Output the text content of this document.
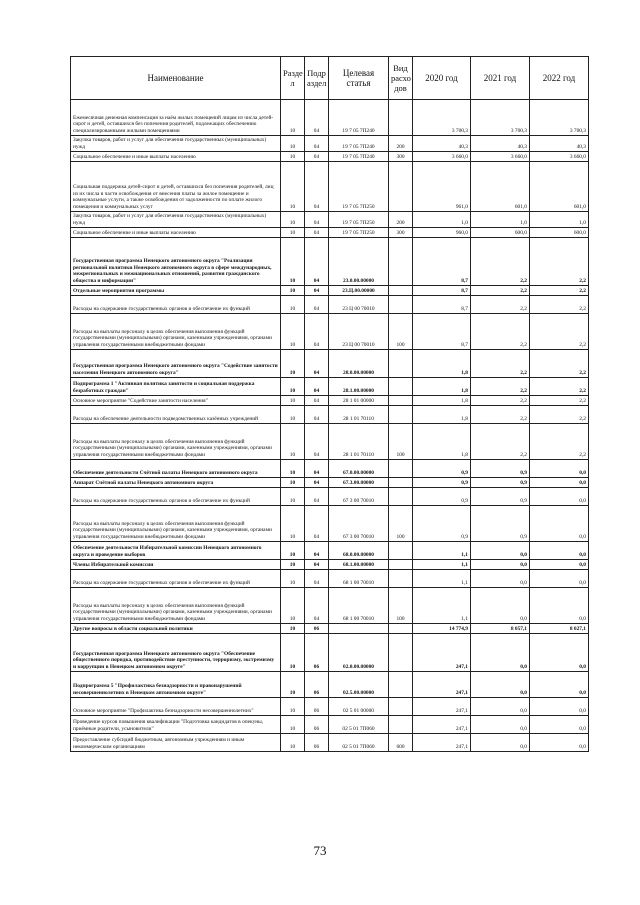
Наименование	Разде л	Подр аздел	Целевая статья	Вид расхо дов	2020 год	2021 год	2022 год
Ежемесячная денежная компенсация за наём жилых помещений лицам из числа детей-сирот и детей, оставшихся без попечения родителей, подлежащих обеспечению специализированными жилыми помещениями	10	04	19 7 05 7П240		3 700,3	3 700,3	3 700,3
Закупка товаров, работ и услуг для обеспечения государственных (муниципальных) нужд	10	04	19 7 05 7П240	200	40,3	40,3	40,3
Социальное обеспечение и иные выплаты населению	10	04	19 7 05 7П240	300	3 660,0	3 660,0	3 660,0
Социальная поддержка детей-сирот и детей, оставшихся без попечения родителей, лиц из их числа в части освобождения от внесения платы за жилое помещение и коммунальные услуги, а также освобождения от задолженности по оплате жилого помещения и коммунальных услуг	10	04	19 7 05 7П250		961,0	601,0	601,0
Закупка товаров, работ и услуг для обеспечения государственных (муниципальных) нужд	10	04	19 7 05 7П250	200	1,0	1,0	1,0
Социальное обеспечение и иные выплаты населению	10	04	19 7 05 7П250	300	960,0	600,0	600,0
Государственная программа Ненецкого автономного округа "Реализация региональной политики Ненецкого автономного округа в сфере международных, межрегиональных и межнациональных отношений, развития гражданского общества и информации"	10	04	23.0.00.00000		8,7	2,2	2,2
Отдельные мероприятия программы	10	04	23.Ц.00.00000		8,7	2,2	2,2
Расходы на содержание государственных органов и обеспечение их функций	10	04	23 Ц 00 70010		8,7	2,2	2,2
Расходы на выплаты персоналу в целях обеспечения выполнения функций государственными (муниципальными) органами, казенными учреждениями, органами управления государственными внебюджетными фондами	10	04	23 Ц 00 70010	100	8,7	2,2	2,2
Государственная программа Ненецкого автономного округа "Содействие занятости населения Ненецкого автономного округа"	10	04	28.0.00.00000		1,8	2,2	2,2
Подпрограмма 1 "Активная политика занятости и социальная поддержка безработных граждан"	10	04	28.1.00.00000		1,8	2,2	2,2
Основное мероприятие "Содействие занятости населения"	10	04	28 1 01 00000		1,8	2,2	2,2
Расходы на обеспечение деятельности подведомственных казённых учреждений	10	04	28 1 01 70110		1,8	2,2	2,2
Расходы на выплаты персоналу в целях обеспечения выполнения функций государственными (муниципальными) органами, казенными учреждениями, органами управления государственными внебюджетными фондами	10	04	28 1 01 70110	100	1,8	2,2	2,2
Обеспечение деятельности Счётной палаты Ненецкого автономного округа	10	04	67.0.00.00000		0,9	0,9	0,0
Аппарат Счётной палаты Ненецкого автономного округа	10	04	67.3.00.00000		0,9	0,9	0,0
Расходы на содержание государственных органов и обеспечение их функций	10	04	67 3 00 70010		0,9	0,9	0,0
Расходы на выплаты персоналу в целях обеспечения выполнения функций государственными (муниципальными) органами, казенными учреждениями, органами управления государственными внебюджетными фондами	10	04	67 3 00 70010	100	0,9	0,9	0,0
Обеспечение деятельности Избирательной комиссии Ненецкого автономного округа и проведение выборов	10	04	68.0.00.00000		1,1	0,0	0,0
Члены Избирательной комиссии	10	04	68.1.00.00000		1,1	0,0	0,0
Расходы на содержание государственных органов и обеспечение их функций	10	04	68 1 00 70010		1,1	0,0	0,0
Расходы на выплаты персоналу в целях обеспечения выполнения функций государственными (муниципальными) органами, казенными учреждениями, органами управления государственными внебюджетными фондами	10	04	68 1 00 70010	100	1,1	0,0	0,0
Другие вопросы в области социальной политики	10	06			14 774,9	8 057,1	8 027,1
Государственная программа Ненецкого автономного округа "Обеспечение общественного порядка, противодействие преступности, терроризму, экстремизму и коррупции в Ненецком автономном округе"	10	06	02.0.00.00000		247,1	0,0	0,0
Подпрограмма 5 "Профилактика безнадзорности и правонарушений несовершеннолетних в Ненецком автономном округе"	10	06	02.5.00.00000		247,1	0,0	0,0
Основное мероприятие "Профилактика безнадзорности несовершеннолетних"	10	06	02 5 01 00000		247,1	0,0	0,0
Проведение курсов повышения квалификации "Подготовка кандидатов в опекуны, приёмные родители, усыновители"	10	06	02 5 01 7П060		247,1	0,0	0,0
Предоставление субсидий бюджетным, автономным учреждениям и иным некоммерческим организациям	10	06	02 5 01 7П060	600	247,1	0,0	0,0
73
